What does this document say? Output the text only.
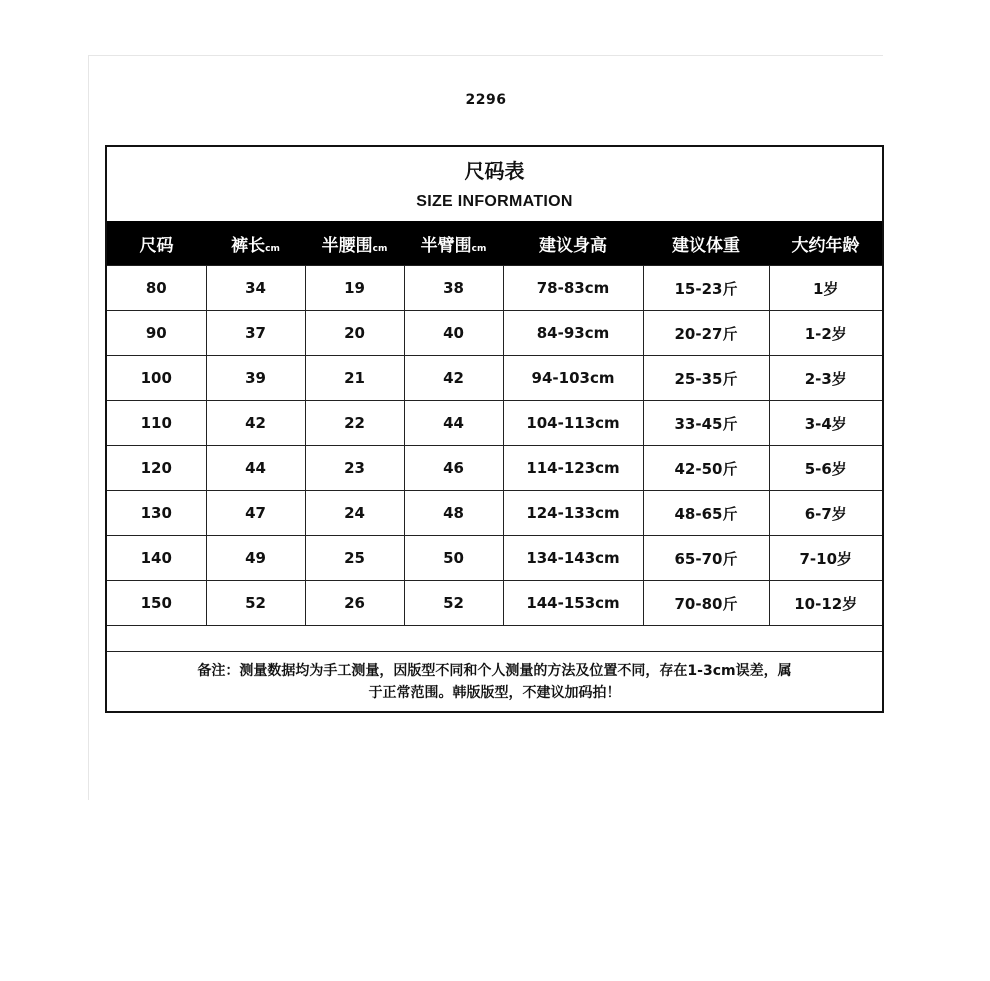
2296
尺码表
SIZE INFORMATION
尺码	裤长cm	半腰围cm	半臂围cm	建议身高	建议体重	大约年龄
80	34	19	38	78-83cm	15-23斤	1岁
90	37	20	40	84-93cm	20-27斤	1-2岁
100	39	21	42	94-103cm	25-35斤	2-3岁
110	42	22	44	104-113cm	33-45斤	3-4岁
120	44	23	46	114-123cm	42-50斤	5-6岁
130	47	24	48	124-133cm	48-65斤	6-7岁
140	49	25	50	134-143cm	65-70斤	7-10岁
150	52	26	52	144-153cm	70-80斤	10-12岁
备注：测量数据均为手工测量，因版型不同和个人测量的方法及位置不同，存在1-3cm误差，属
于正常范围。韩版版型，不建议加码拍！
